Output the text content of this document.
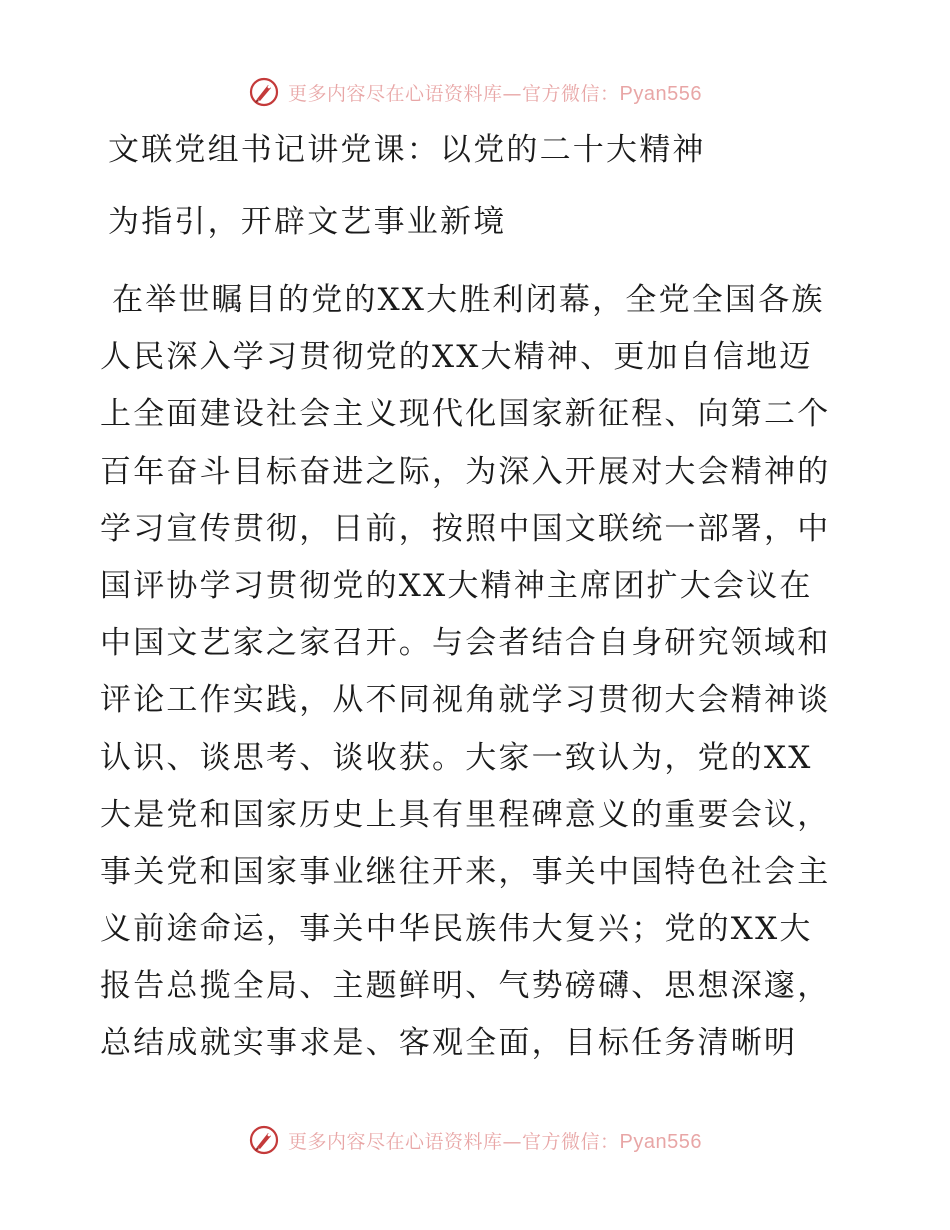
更多内容尽在心语资料库—官方微信：Pyan556
文联党组书记讲党课：以党的二十大精神
为指引，开辟文艺事业新境
在举世瞩目的党的XX大胜利闭幕，全党全国各族
人民深入学习贯彻党的XX大精神、更加自信地迈
上全面建设社会主义现代化国家新征程、向第二个
百年奋斗目标奋进之际，为深入开展对大会精神的
学习宣传贯彻，日前，按照中国文联统一部署，中
国评协学习贯彻党的XX大精神主席团扩大会议在
中国文艺家之家召开。与会者结合自身研究领域和
评论工作实践，从不同视角就学习贯彻大会精神谈
认识、谈思考、谈收获。大家一致认为，党的XX
大是党和国家历史上具有里程碑意义的重要会议，
事关党和国家事业继往开来，事关中国特色社会主
义前途命运，事关中华民族伟大复兴；党的XX大
报告总揽全局、主题鲜明、气势磅礴、思想深邃，
总结成就实事求是、客观全面，目标任务清晰明
更多内容尽在心语资料库—官方微信：Pyan556
